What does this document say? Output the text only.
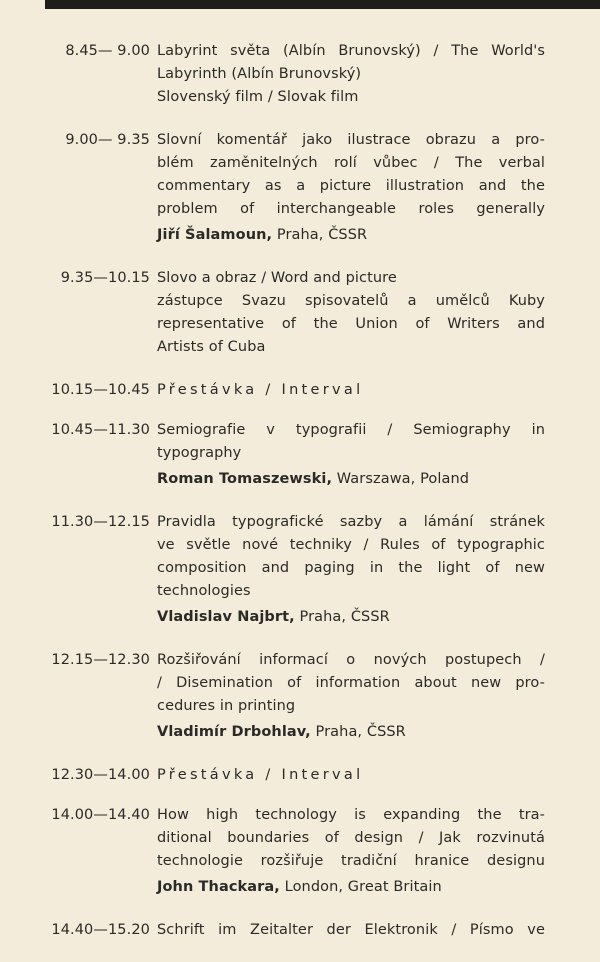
8.45— 9.00 Labyrint světa (Albín Brunovský) / The World's
Labyrinth (Albín Brunovský)
Slovenský film / Slovak film
9.00— 9.35 Slovní komentář jako ilustrace obrazu a pro-
blém zaměnitelných rolí vůbec / The verbal
commentary as a picture illustration and the
problem of interchangeable roles generally
Jiří Šalamoun, Praha, ČSSR
9.35—10.15 Slovo a obraz / Word and picture
zástupce Svazu spisovatelů a umělců Kuby
representative of the Union of Writers and
Artists of Cuba
10.15—10.45 Přestávka / Interval
10.45—11.30 Semiografie v typografii / Semiography in
typography
Roman Tomaszewski, Warszawa, Poland
11.30—12.15 Pravidla typografické sazby a lámání stránek
ve světle nové techniky / Rules of typographic
composition and paging in the light of new
technologies
Vladislav Najbrt, Praha, ČSSR
12.15—12.30 Rozšiřování informací o nových postupech /
/ Disemination of information about new pro-
cedures in printing
Vladimír Drbohlav, Praha, ČSSR
12.30—14.00 Přestávka / Interval
14.00—14.40 How high technology is expanding the tra-
ditional boundaries of design / Jak rozvinutá
technologie rozšiřuje tradiční hranice designu
John Thackara, London, Great Britain
14.40—15.20 Schrift im Zeitalter der Elektronik / Písmo ve
